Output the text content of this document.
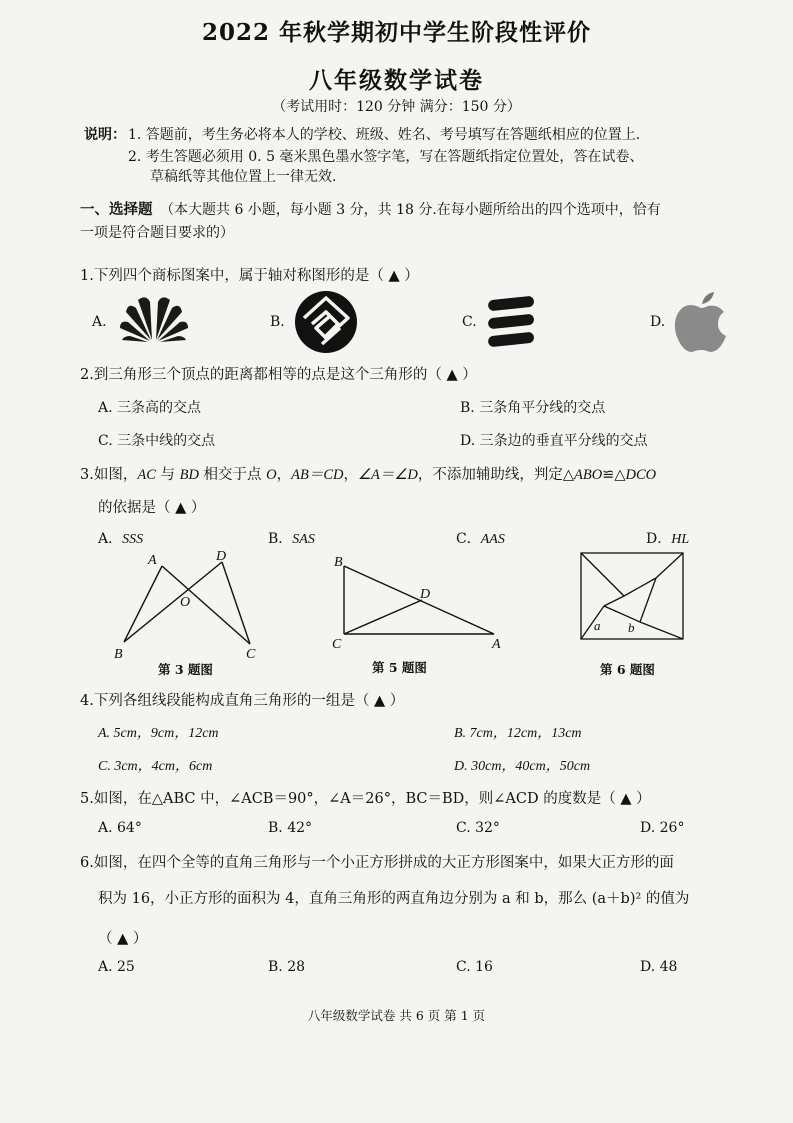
2022 年秋学期初中学生阶段性评价
八年级数学试卷
（考试用时：120 分钟 满分：150 分）
说明： 1. 答题前，考生务必将本人的学校、班级、姓名、考号填写在答题纸相应的位置上.
2. 考生答题必须用 0. 5 毫米黑色墨水签字笔，写在答题纸指定位置处，答在试卷、
草稿纸等其他位置上一律无效.
一、选择题 （本大题共 6 小题，每小题 3 分，共 18 分.在每小题所给出的四个选项中，恰有
一项是符合题目要求的）
1.下列四个商标图案中，属于轴对称图形的是（ ▲ ）
A.	B.	C.	D.
2.到三角形三个顶点的距离都相等的点是这个三角形的（ ▲ ）
A. 三条高的交点	B. 三条角平分线的交点
C. 三条中线的交点	D. 三条边的垂直平分线的交点
3.如图，AC 与 BD 相交于点 O，AB＝CD，∠A＝∠D，不添加辅助线，判定△ABO≌△DCO
的依据是（ ▲ ）
A．SSS	B．SAS	C．AAS	D．HL
A	D
O
B	C
第 3 题图
B
D
C	A
第 5 题图
a b
第 6 题图
4.下列各组线段能构成直角三角形的一组是（ ▲ ）
A. 5cm，9cm，12cm	B. 7cm，12cm，13cm
C. 3cm，4cm，6cm	D. 30cm，40cm，50cm
5.如图，在△ABC 中，∠ACB＝90°，∠A＝26°，BC＝BD，则∠ACD 的度数是（ ▲ ）
A. 64°	B. 42°	C. 32°	D. 26°
6.如图，在四个全等的直角三角形与一个小正方形拼成的大正方形图案中，如果大正方形的面
积为 16，小正方形的面积为 4，直角三角形的两直角边分别为 a 和 b，那么 (a＋b)² 的值为
（ ▲ ）
A. 25	B. 28	C. 16	D. 48
八年级数学试卷 共 6 页 第 1 页
